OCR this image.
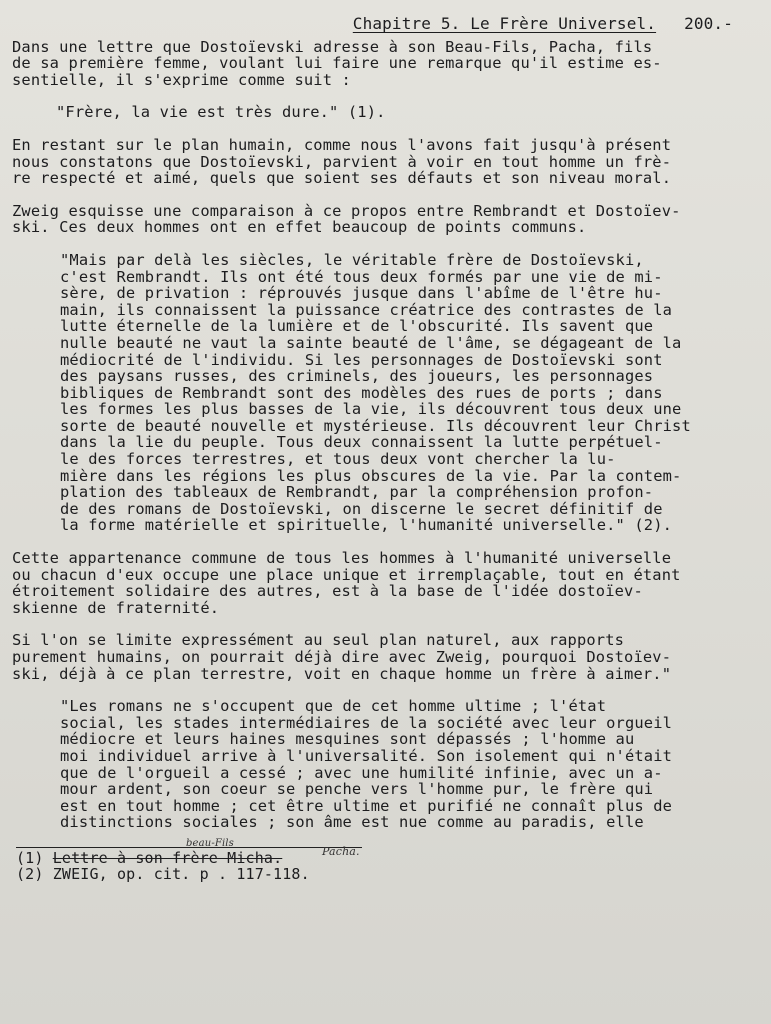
Chapitre 5. Le Frère Universel. 200.-

Dans une lettre que Dostoïevski adresse à son Beau-Fils, Pacha, fils
de sa première femme, voulant lui faire une remarque qu'il estime es-
sentielle, il s'exprime comme suit :

"Frère, la vie est très dure." (1).

En restant sur le plan humain, comme nous l'avons fait jusqu'à présent
nous constatons que Dostoïevski, parvient à voir en tout homme un frè-
re respecté et aimé, quels que soient ses défauts et son niveau moral.

Zweig esquisse une comparaison à ce propos entre Rembrandt et Dostoïev-
ski. Ces deux hommes ont en effet beaucoup de points communs.

"Mais par delà les siècles, le véritable frère de Dostoïevski,
c'est Rembrandt. Ils ont été tous deux formés par une vie de mi-
sère, de privation : réprouvés jusque dans l'abîme de l'être hu-
main, ils connaissent la puissance créatrice des contrastes de la
lutte éternelle de la lumière et de l'obscurité. Ils savent que
nulle beauté ne vaut la sainte beauté de l'âme, se dégageant de la
médiocrité de l'individu. Si les personnages de Dostoïevski sont
des paysans russes, des criminels, des joueurs, les personnages
bibliques de Rembrandt sont des modèles des rues de ports ; dans
les formes les plus basses de la vie, ils découvrent tous deux une
sorte de beauté nouvelle et mystérieuse. Ils découvrent leur Christ
dans la lie du peuple. Tous deux connaissent la lutte perpétuel-
le des forces terrestres, et tous deux vont chercher la lu-
mière dans les régions les plus obscures de la vie. Par la contem-
plation des tableaux de Rembrandt, par la compréhension profon-
de des romans de Dostoïevski, on discerne le secret définitif de
la forme matérielle et spirituelle, l'humanité universelle." (2).

Cette appartenance commune de tous les hommes à l'humanité universelle
ou chacun d'eux occupe une place unique et irremplaçable, tout en étant
étroitement solidaire des autres, est à la base de l'idée dostoïev-
skienne de fraternité.

Si l'on se limite expressément au seul plan naturel, aux rapports
purement humains, on pourrait déjà dire avec Zweig, pourquoi Dostoïev-
ski, déjà à ce plan terrestre, voit en chaque homme un frère à aimer."

"Les romans ne s'occupent que de cet homme ultime ; l'état
social, les stades intermédiaires de la société avec leur orgueil
médiocre et leurs haines mesquines sont dépassés ; l'homme au
moi individuel arrive à l'universalité. Son isolement qui n'était
que de l'orgueil a cessé ; avec une humilité infinie, avec un a-
mour ardent, son coeur se penche vers l'homme pur, le frère qui
est en tout homme ; cet être ultime et purifié ne connaît plus de
distinctions sociales ; son âme est nue comme au paradis, elle

beau-Fils
Pacha.
(1) Lettre à son frère Micha.
(2) ZWEIG, op. cit. p . 117-118.
